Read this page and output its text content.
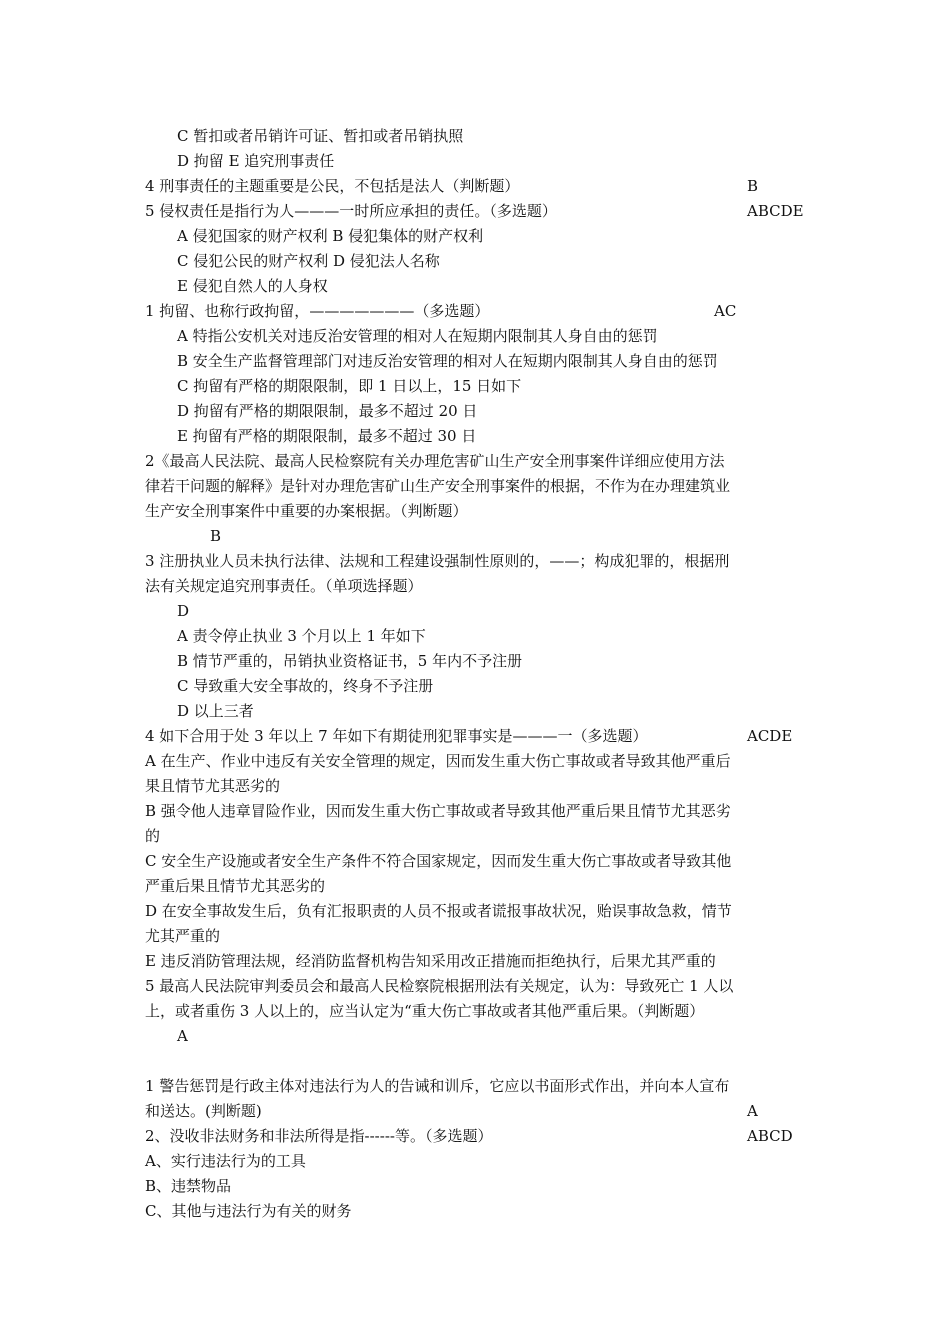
C 暂扣或者吊销许可证、暂扣或者吊销执照
D 拘留 E 追究刑事责任
4 刑事责任的主题重要是公民，不包括是法人（判断题）	B
5 侵权责任是指行为人———一时所应承担的责任。（多选题）	ABCDE
A 侵犯国家的财产权利 B 侵犯集体的财产权利
C 侵犯公民的财产权利 D 侵犯法人名称
E 侵犯自然人的人身权
1 拘留、也称行政拘留，———————（多选题）	AC
A 特指公安机关对违反治安管理的相对人在短期内限制其人身自由的惩罚
B 安全生产监督管理部门对违反治安管理的相对人在短期内限制其人身自由的惩罚
C 拘留有严格的期限限制，即 1 日以上，15 日如下
D 拘留有严格的期限限制，最多不超过 20 日
E 拘留有严格的期限限制，最多不超过 30 日
2《最高人民法院、最高人民检察院有关办理危害矿山生产安全刑事案件详细应使用方法
律若干问题的解释》是针对办理危害矿山生产安全刑事案件的根据，不作为在办理建筑业
生产安全刑事案件中重要的办案根据。（判断题）
B
3 注册执业人员未执行法律、法规和工程建设强制性原则的，——；构成犯罪的，根据刑
法有关规定追究刑事责任。（单项选择题）
D
A 责令停止执业 3 个月以上 1 年如下
B 情节严重的，吊销执业资格证书，5 年内不予注册
C 导致重大安全事故的，终身不予注册
D 以上三者
4 如下合用于处 3 年以上 7 年如下有期徒刑犯罪事实是———一（多选题）	ACDE
A 在生产、作业中违反有关安全管理的规定，因而发生重大伤亡事故或者导致其他严重后
果且情节尤其恶劣的
B 强令他人违章冒险作业，因而发生重大伤亡事故或者导致其他严重后果且情节尤其恶劣
的
C 安全生产设施或者安全生产条件不符合国家规定，因而发生重大伤亡事故或者导致其他
严重后果且情节尤其恶劣的
D 在安全事故发生后，负有汇报职责的人员不报或者谎报事故状况，贻误事故急救，情节
尤其严重的
E 违反消防管理法规，经消防监督机构告知采用改正措施而拒绝执行，后果尤其严重的
5 最高人民法院审判委员会和最高人民检察院根据刑法有关规定，认为：导致死亡 1 人以
上，或者重伤 3 人以上的，应当认定为“重大伤亡事故或者其他严重后果。（判断题）
A
1 警告惩罚是行政主体对违法行为人的告诫和训斥，它应以书面形式作出，并向本人宣布
和送达。(判断题)	A
2、没收非法财务和非法所得是指------等。（多选题）	ABCD
A、实行违法行为的工具
B、违禁物品
C、其他与违法行为有关的财务
